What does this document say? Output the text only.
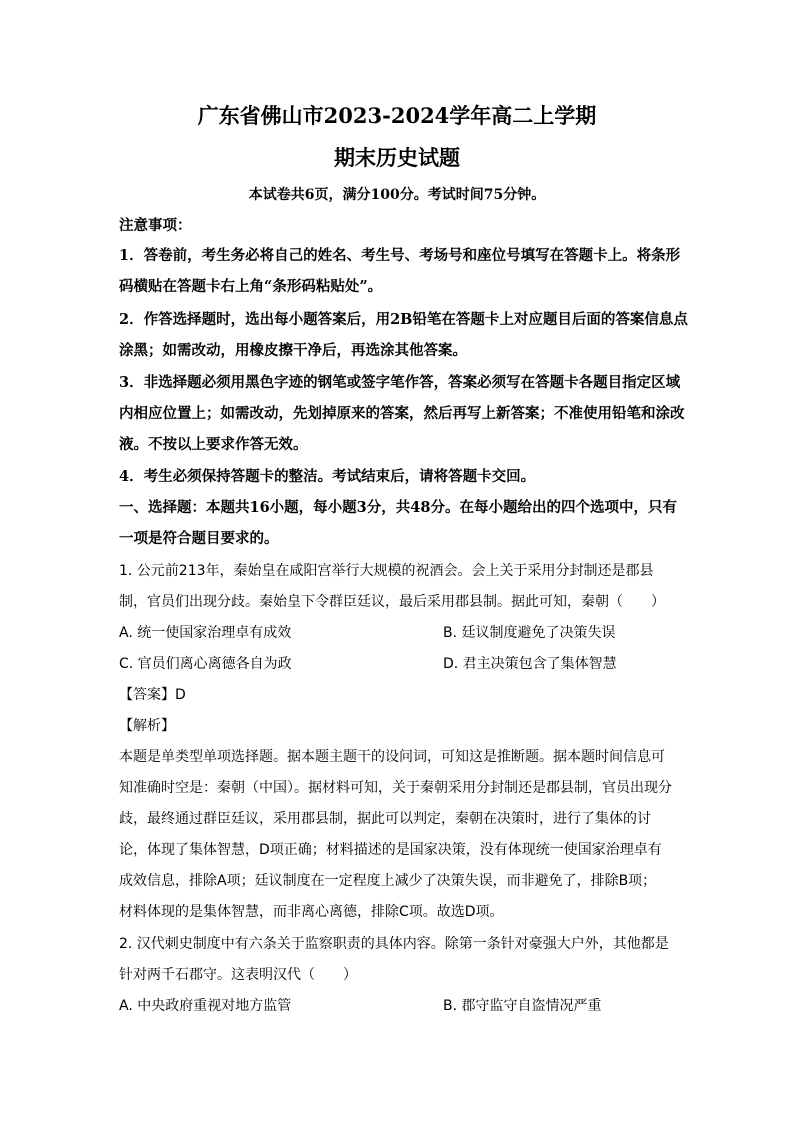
广东省佛山市2023-2024学年高二上学期
期末历史试题
本试卷共6页，满分100分。考试时间75分钟。
注意事项：
1．答卷前，考生务必将自己的姓名、考生号、考场号和座位号填写在答题卡上。将条形
码横贴在答题卡右上角“条形码粘贴处”。
2．作答选择题时，选出每小题答案后，用2B铅笔在答题卡上对应题目后面的答案信息点
涂黑；如需改动，用橡皮擦干净后，再选涂其他答案。
3．非选择题必须用黑色字迹的钢笔或签字笔作答，答案必须写在答题卡各题目指定区域
内相应位置上；如需改动，先划掉原来的答案，然后再写上新答案；不准使用铅笔和涂改
液。不按以上要求作答无效。
4．考生必须保持答题卡的整洁。考试结束后，请将答题卡交回。
一、选择题：本题共16小题，每小题3分，共48分。在每小题给出的四个选项中，只有
一项是符合题目要求的。
1. 公元前213年，秦始皇在咸阳宫举行大规模的祝酒会。会上关于采用分封制还是郡县
制，官员们出现分歧。秦始皇下令群臣廷议，最后采用郡县制。据此可知，秦朝（　　）
A. 统一使国家治理卓有成效	B. 廷议制度避免了决策失误
C. 官员们离心离德各自为政	D. 君主决策包含了集体智慧
【答案】D
【解析】
本题是单类型单项选择题。据本题主题干的设问词，可知这是推断题。据本题时间信息可
知准确时空是：秦朝（中国）。据材料可知，关于秦朝采用分封制还是郡县制，官员出现分
歧，最终通过群臣廷议，采用郡县制，据此可以判定，秦朝在决策时，进行了集体的讨
论，体现了集体智慧，D项正确；材料描述的是国家决策，没有体现统一使国家治理卓有
成效信息，排除A项；廷议制度在一定程度上减少了决策失误，而非避免了，排除B项；
材料体现的是集体智慧，而非离心离德，排除C项。故选D项。
2. 汉代刺史制度中有六条关于监察职责的具体内容。除第一条针对豪强大户外，其他都是
针对两千石郡守。这表明汉代（　　）
A. 中央政府重视对地方监管	B. 郡守监守自盗情况严重
